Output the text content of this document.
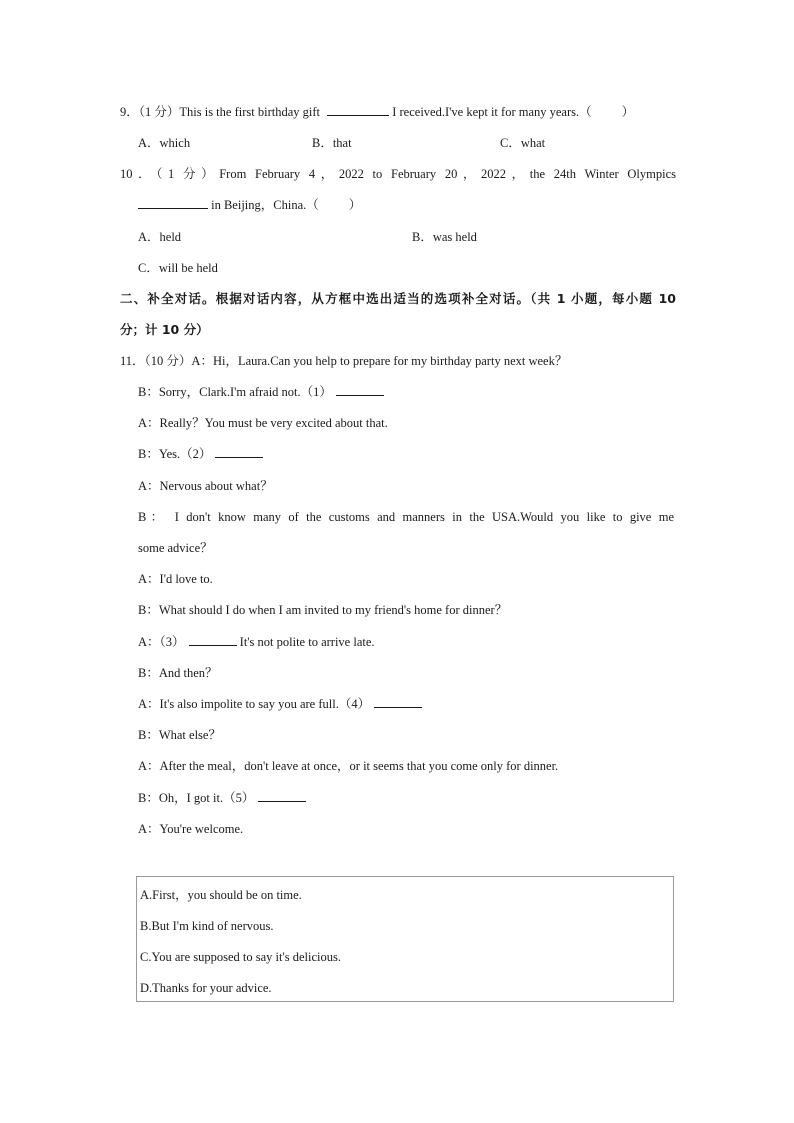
9．（1 分）This is the first birthday gift	I received.I've kept it for many years.（ ）
A．which	B．that	C．what
10．（1 分）From February 4，2022 to February 20，2022，the 24th Winter Olympics
in Beijing，China.（ ）
A．held	B．was held
C．will be held
二、补全对话。根据对话内容，从方框中选出适当的选项补全对话。（共 1 小题，每小题 10
分；计 10 分）
11．（10 分）A：Hi，Laura.Can you help to prepare for my birthday party next week？
B：Sorry，Clark.I'm afraid not.（1）
A：Really？You must be very excited about that.
B：Yes.（2）
A：Nervous about what？
B： I don't know many of the customs and manners in the USA.Would you like to give me
some advice？
A：I'd love to.
B：What should I do when I am invited to my friend's home for dinner？
A：（3）	It's not polite to arrive late.
B：And then？
A：It's also impolite to say you are full.（4）
B：What else？
A：After the meal，don't leave at once，or it seems that you come only for dinner.
B：Oh，I got it.（5）
A：You're welcome.
A.First，you should be on time.
B.But I'm kind of nervous.
C.You are supposed to say it's delicious.
D.Thanks for your advice.
